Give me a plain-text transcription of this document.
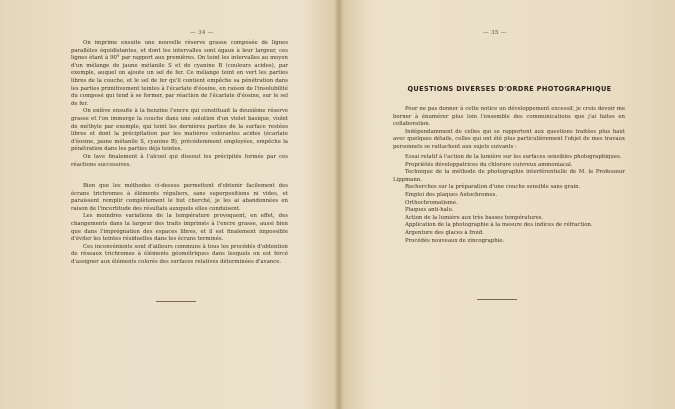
— 34 —

On imprime ensuite une nouvelle réserve grasse composée de lignes parallèles équidistantes, et dont les intervalles sont égaux à leur largeur, ces lignes étant à 90° par rapport aux premières. On teint les intervalles au moyen d'un mélange de jaune métanile S et de cyanine B (couleurs acides), par exemple, auquel on ajoute un sel de fer. Ce mélange teint en vert les parties libres de la couche, et le sel de fer qu'il contient empêche sa pénétration dans les parties primitivement teintes à l'écarlate d'éosine, en raison de l'insolubilité du composé qui tend à se former, par réaction de l'écarlate d'éosine, sur le sel de fer.

On enlève ensuite à la benzine l'encre qui constituait la deuxième réserve grasse et l'on immerge la couche dans une solution d'un violet basique, violet de méthyle par exemple, qui teint les dernières parties de la surface restées libres et dont la précipitation par les matières colorantes acides (écarlate d'éosine, jaune métanile S, cyanine B), précédemment employées, empêche la pénétration dans les parties déjà teintes.

On lave finalement à l'alcool qui dissout les précipités formés par ces réactions successives.

Bien que les méthodes ci-dessus permettent d'obtenir facilement des écrans trichromes à éléments réguliers, sans superpositions ni vides, et paraissent remplir complètement le but cherché, je les ai abandonnées en raison de l'incertitude des résultats auxquels elles conduisent.

Les moindres variations de la température provoquent, en effet, des changements dans la largeur des traits imprimés à l'encre grasse, aussi bien que dans l'imprégnation des espaces libres, et il est finalement impossible d'éviter les teintes résiduelles dans les écrans terminés.

Ces inconvénients sont d'ailleurs communs à tous les procédés d'obtention de réseaux trichromes à éléments géométriques dans lesquels on est forcé d'assigner aux éléments colorés des surfaces relatives déterminées d'avance.

— 35 —
QUESTIONS DIVERSES D'ORDRE PHOTOGRAPHIQUE

Pour ne pas donner à cette notice un développement excessif, je crois devoir me borner à énumérer plus loin l'ensemble des communications que j'ai faites en collaboration.

Indépendamment de celles qui se rapportent aux questions traitées plus haut avec quelques détails, celles qui ont été plus particulièrement l'objet de mes travaux personnels se rattachent aux sujets suivants :

Essai relatif à l'action de la lumière sur les surfaces sensibles photographiques.

Propriétés développatrices du chlorure cuivreux ammoniacal.

Technique de la méthode de photographie interférentielle de M. le Professeur Lippmann.

Recherches sur la préparation d'une couche sensible sans grain.

Emploi des plaques Autochromes.

Orthochromatisme.

Plaques anti-halo.

Action de la lumière aux très basses températures.

Application de la photographie à la mesure des indices de réfraction.

Argenture des glaces à froid.

Procédés nouveaux de zincographie.
